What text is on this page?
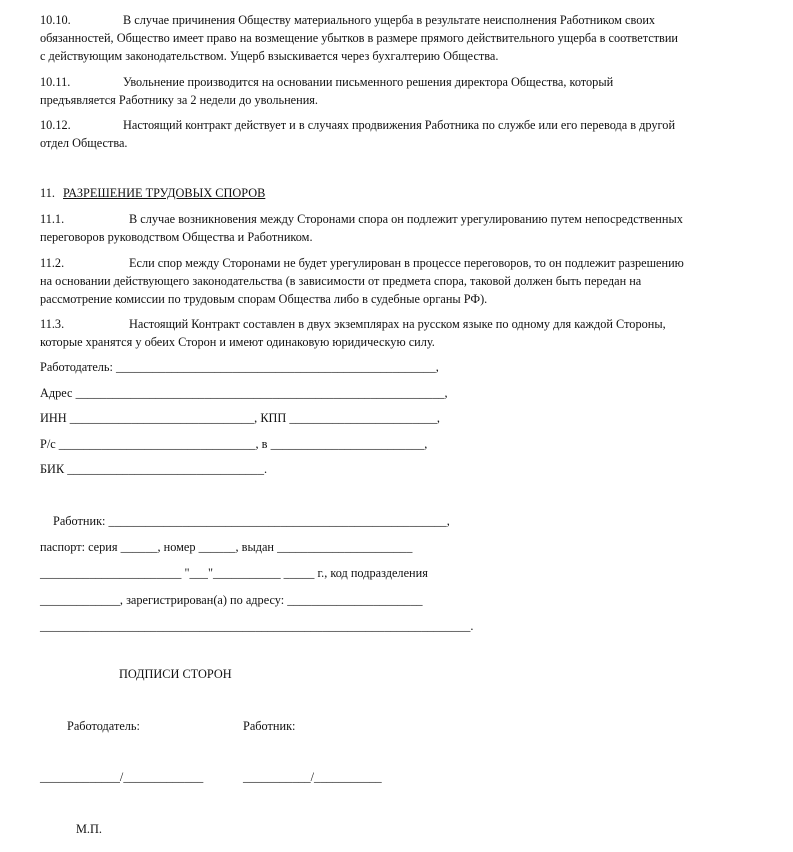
10.10.	В случае причинения Обществу материального ущерба в результате неисполнения Работником своих
обязанностей, Общество имеет право на возмещение убытков в размере прямого действительного ущерба в соответствии
с действующим законодательством. Ущерб взыскивается через бухгалтерию Общества.
10.11.	Увольнение производится на основании письменного решения директора Общества, который
предъявляется Работнику за 2 недели до увольнения.
10.12.	Настоящий контракт действует и в случаях продвижения Работника по службе или его перевода в другой
отдел Общества.
11. РАЗРЕШЕНИЕ ТРУДОВЫХ СПОРОВ
11.1.	В случае возникновения между Сторонами спора он подлежит урегулированию путем непосредственных
переговоров руководством Общества и Работником.
11.2.	Если спор между Сторонами не будет урегулирован в процессе переговоров, то он подлежит разрешению
на основании действующего законодательства (в зависимости от предмета спора, таковой должен быть передан на
рассмотрение комиссии по трудовым спорам Общества либо в судебные органы РФ).
11.3.	Настоящий Контракт составлен в двух экземплярах на русском языке по одному для каждой Стороны,
которые хранятся у обеих Сторон и имеют одинаковую юридическую силу.
Работодатель: ____________________________________________________,
Адрес ____________________________________________________________,
ИНН ______________________________, КПП ________________________,
Р/с ________________________________, в _________________________,
БИК ________________________________.
Работник: _______________________________________________________,
паспорт: серия ______, номер ______, выдан ______________________
_______________________ "___"___________ _____ г., код подразделения
_____________, зарегистрирован(а) по адресу: ______________________
______________________________________________________________________.
ПОДПИСИ СТОРОН
Работодатель:	Работник:
_____________/_____________	___________/___________
М.П.
